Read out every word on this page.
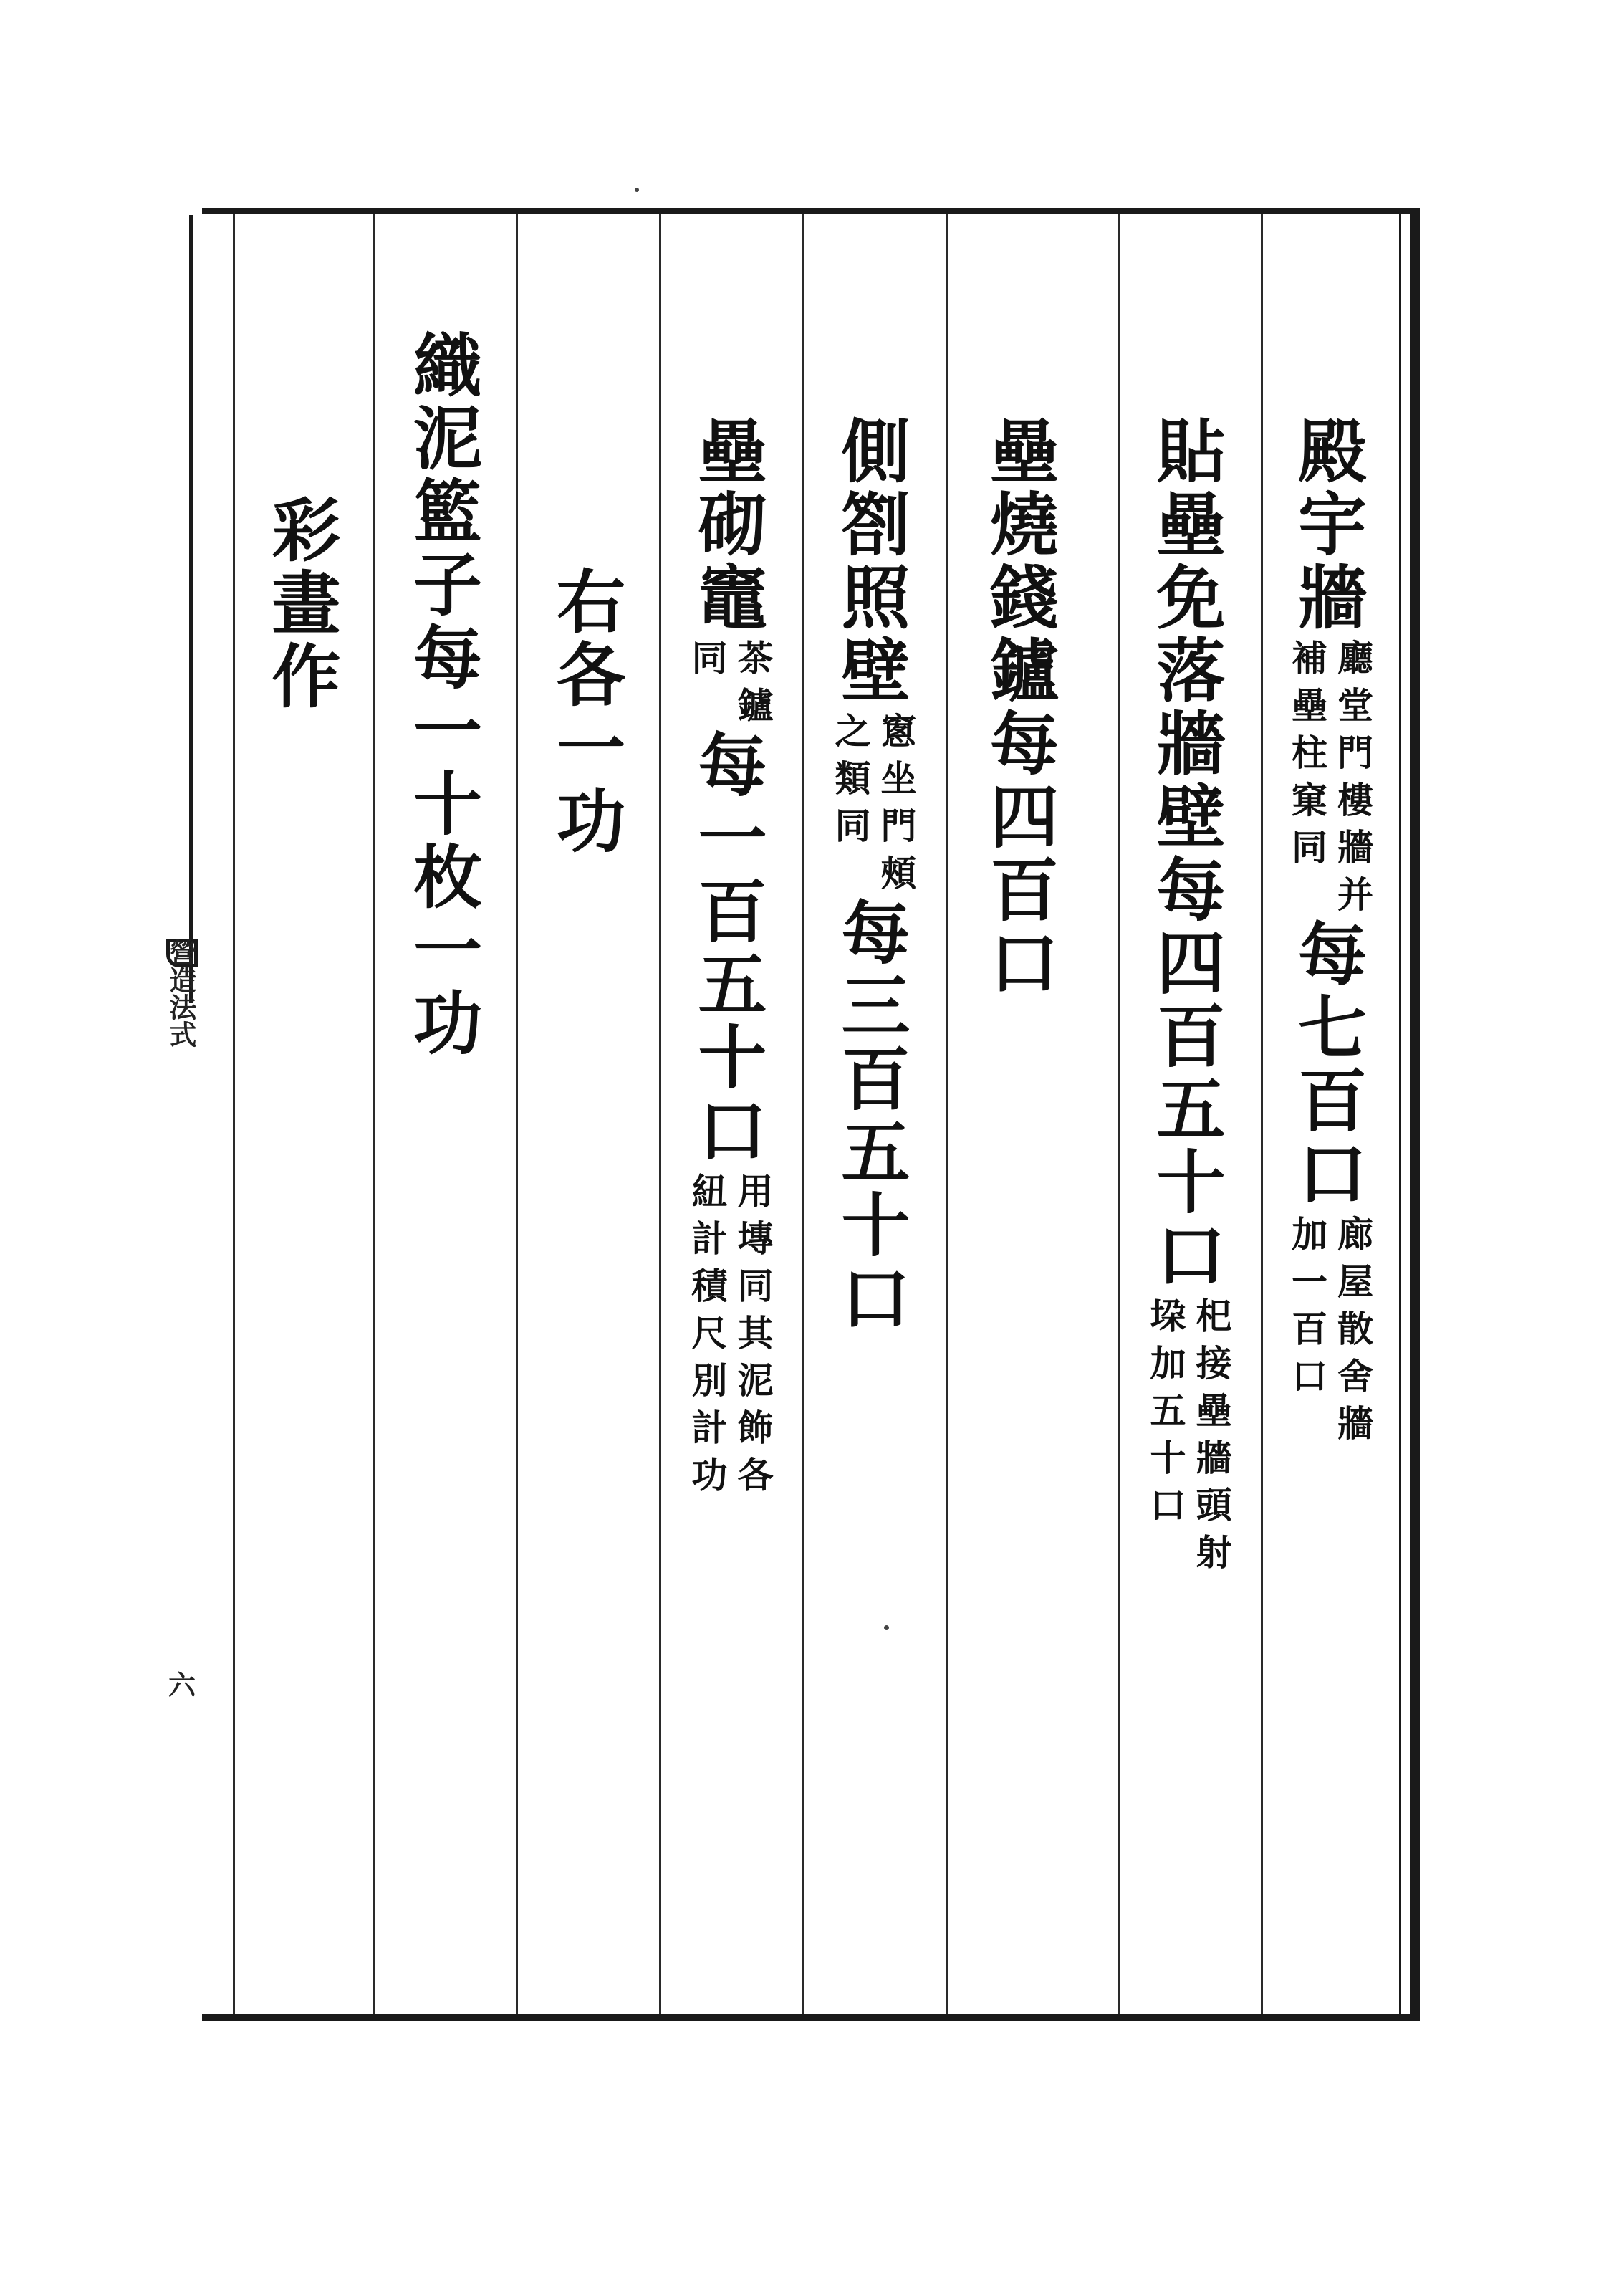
營造法式
六
殿
宇
牆
廳
堂
門
樓
牆
并
補
壘
柱
窠
同
每
七
百
口
廊
屋
散
舍
牆
加
一
百
口
貼
壘
免
落
牆
壁
每
四
百
五
十
口
𣏌
接
壘
牆
頭
射
垜
加
五
十
口
壘
燒
錢
鑪
每
四
百
口
側
劄
照
壁
窻
坐
門
頰
之
類
同
每
三
百
五
十
口
壘
砌
竈
茶
鑪
同
每
一
百
五
十
口
用
塼
同
其
泥
飾
各
紐
計
積
尺
別
計
功
右
各
一
功
織
泥
籃
子
每
一
十
枚
一
功
彩
畫
作
